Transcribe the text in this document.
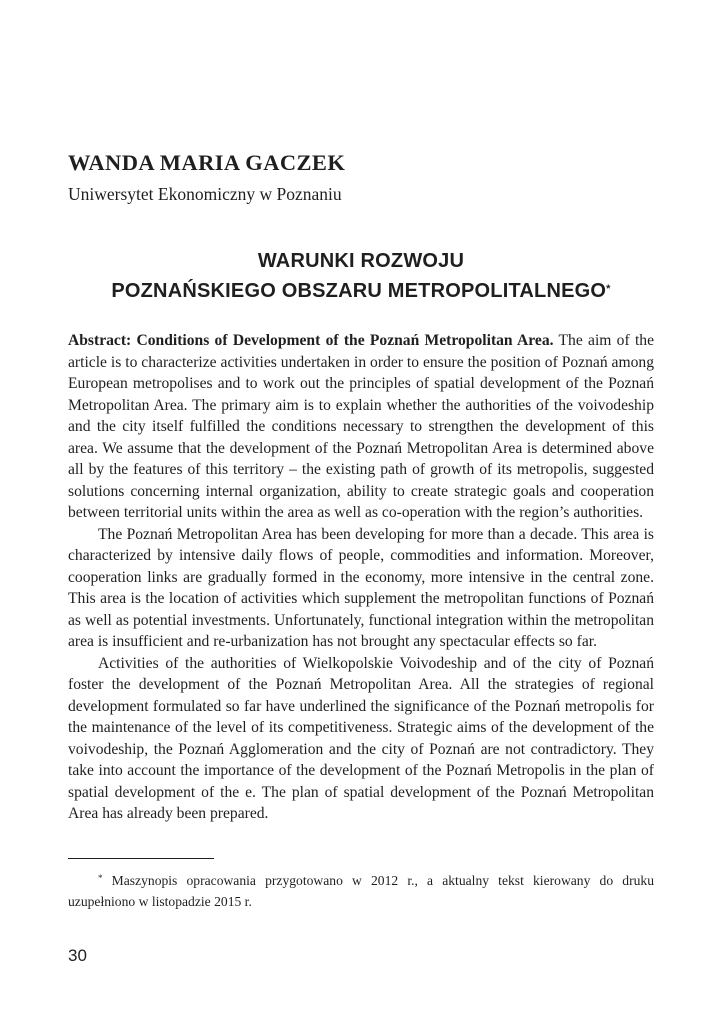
WANDA MARIA GACZEK
Uniwersytet Ekonomiczny w Poznaniu
WARUNKI ROZWOJU
POZNAŃSKIEGO OBSZARU METROPOLITALNEGO*

Abstract: Conditions of Development of the Poznań Metropolitan Area. The aim of the article is to characterize activities undertaken in order to ensure the position of Poznań among European metropolises and to work out the principles of spatial development of the Poznań Metropolitan Area. The primary aim is to explain whether the authorities of the voivodeship and the city itself fulfilled the conditions necessary to strengthen the development of this area. We assume that the development of the Poznań Metropolitan Area is determined above all by the features of this territory – the existing path of growth of its metropolis, suggested solutions concerning internal organization, ability to create strategic goals and cooperation between territorial units within the area as well as co-operation with the region’s authorities.

The Poznań Metropolitan Area has been developing for more than a decade. This area is characterized by intensive daily flows of people, commodities and information. Moreover, cooperation links are gradually formed in the economy, more intensive in the central zone. This area is the location of activities which supplement the metropolitan functions of Poznań as well as potential investments. Unfortunately, functional integration within the metropolitan area is insufficient and re-urbanization has not brought any spectacular effects so far.

Activities of the authorities of Wielkopolskie Voivodeship and of the city of Poznań foster the development of the Poznań Metropolitan Area. All the strategies of regional development formulated so far have underlined the significance of the Poznań metropolis for the maintenance of the level of its competitiveness. Strategic aims of the development of the voivodeship, the Poznań Agglomeration and the city of Poznań are not contradictory. They take into account the importance of the development of the Poznań Metropolis in the plan of spatial development of the e. The plan of spatial development of the Poznań Metropolitan Area has already been prepared.

* Maszynopis opracowania przygotowano w 2012 r., a aktualny tekst kierowany do druku uzupełniono w listopadzie 2015 r.

30
